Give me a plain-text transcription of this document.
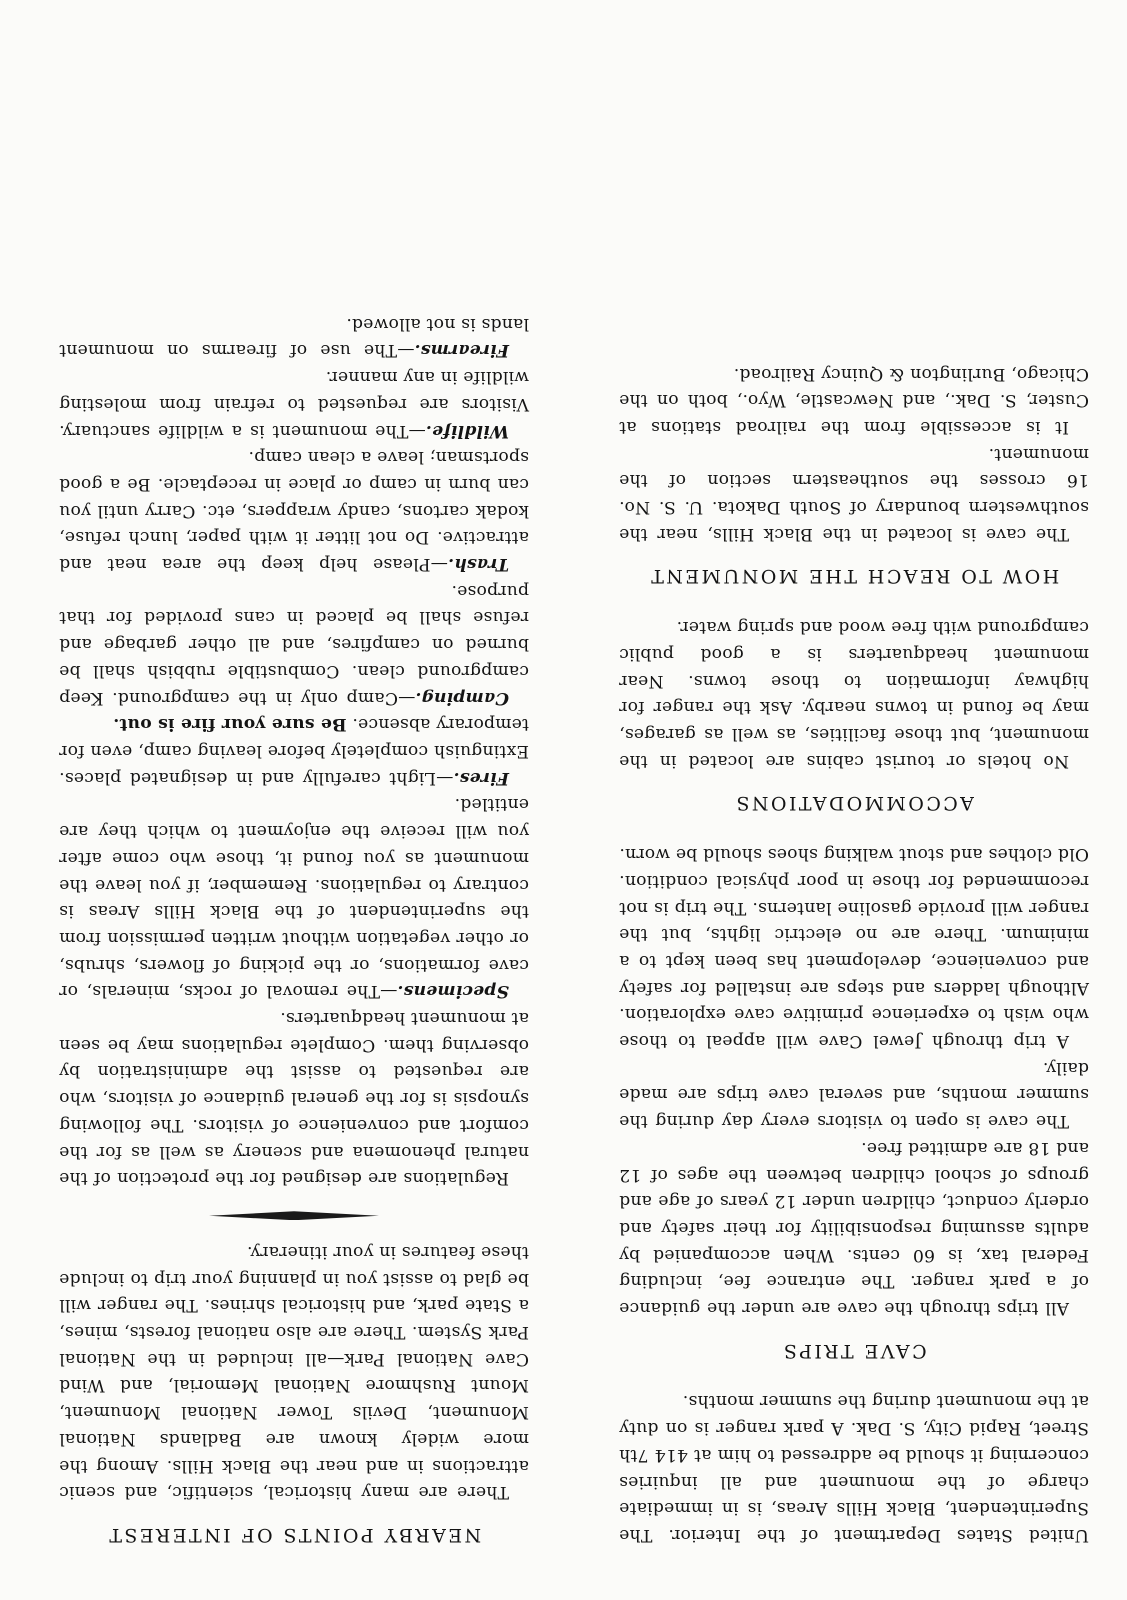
United States Department of the Interior. The Superintendent, Black Hills Areas, is in immediate charge of the monument and all inquiries concerning it should be addressed to him at 414 7th Street, Rapid City, S. Dak. A park ranger is on duty at the monument during the summer months.

CAVE TRIPS

All trips through the cave are under the guidance of a park ranger. The entrance fee, including Federal tax, is 60 cents. When accompanied by adults assuming responsibility for their safety and orderly conduct, children under 12 years of age and groups of school children between the ages of 12 and 18 are admitted free.

The cave is open to visitors every day during the summer months, and several cave trips are made daily.

A trip through Jewel Cave will appeal to those who wish to experience primitive cave exploration. Although ladders and steps are installed for safety and convenience, development has been kept to a minimum. There are no electric lights, but the ranger will provide gasoline lanterns. The trip is not recommended for those in poor physical condition. Old clothes and stout walking shoes should be worn.

ACCOMMODATIONS

No hotels or tourist cabins are located in the monument, but those facilities, as well as garages, may be found in towns nearby. Ask the ranger for highway information to those towns. Near monument headquarters is a good public campground with free wood and spring water.

HOW TO REACH THE MONUMENT

The cave is located in the Black Hills, near the southwestern boundary of South Dakota. U. S. No. 16 crosses the southeastern section of the monument.

It is accessible from the railroad stations at Custer, S. Dak., and Newcastle, Wyo., both on the Chicago, Burlington & Quincy Railroad.

NEARBY POINTS OF INTEREST

There are many historical, scientific, and scenic attractions in and near the Black Hills. Among the more widely known are Badlands National Monument, Devils Tower National Monument, Mount Rushmore National Memorial, and Wind Cave National Park—all included in the National Park System. There are also national forests, mines, a State park, and historical shrines. The ranger will be glad to assist you in planning your trip to include these features in your itinerary.

Regulations are designed for the protection of the natural phenomena and scenery as well as for the comfort and convenience of visitors. The following synopsis is for the general guidance of visitors, who are requested to assist the administration by observing them. Complete regulations may be seen at monument headquarters.

Specimens.—The removal of rocks, minerals, or cave formations, or the picking of flowers, shrubs, or other vegetation without written permission from the superintendent of the Black Hills Areas is contrary to regulations. Remember, if you leave the monument as you found it, those who come after you will receive the enjoyment to which they are entitled.

Fires.—Light carefully and in designated places. Extinguish completely before leaving camp, even for temporary absence. Be sure your fire is out.

Camping.—Camp only in the campground. Keep campground clean. Combustible rubbish shall be burned on campfires, and all other garbage and refuse shall be placed in cans provided for that purpose.

Trash.—Please help keep the area neat and attractive. Do not litter it with paper, lunch refuse, kodak cartons, candy wrappers, etc. Carry until you can burn in camp or place in receptacle. Be a good sportsman; leave a clean camp.

Wildlife.—The monument is a wildlife sanctuary. Visitors are requested to refrain from molesting wildlife in any manner.

Firearms.—The use of firearms on monument lands is not allowed.
